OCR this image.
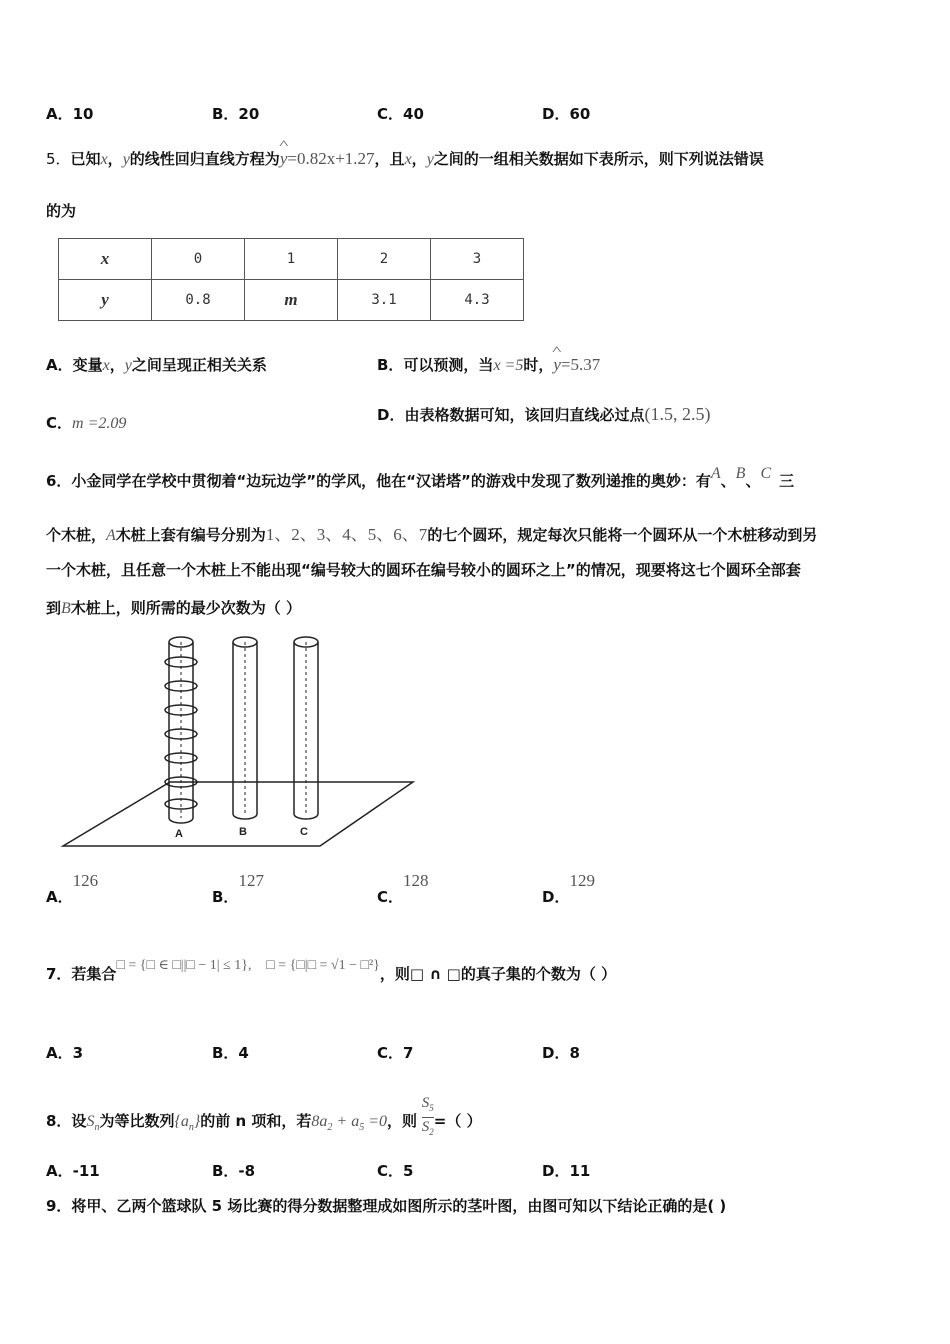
A．10	B．20	C．40	D．60
5．已知x，y的线性回归直线方程为^ y=0.82x+1.27，且x，y之间的一组相关数据如下表所示，则下列说法错误
的为
x	0	1	2	3
y	0.8	m	3.1	4.3
A．变量x，y之间呈现正相关关系	B．可以预测，当x =5时，^ y=5.37
C．m =2.09	D．由表格数据可知，该回归直线必过点(1.5, 2.5)
6．小金同学在学校中贯彻着“边玩边学”的学风，他在“汉诺塔”的游戏中发现了数列递推的奥妙：有A、B、C 三
个木桩，A木桩上套有编号分别为1、2、3、4、5、6、7的七个圆环，规定每次只能将一个圆环从一个木桩移动到另
一个木桩，且任意一个木桩上不能出现“编号较大的圆环在编号较小的圆环之上”的情况，现要将这七个圆环全部套
到B木桩上，则所需的最少次数为（ ）
A	B	C
A．126
B．127
C．128
D．129
7．若集合□ = {□ ∈ □||□ − 1| ≤ 1}, □ = {□|□ = √1 − □²}，则□ ∩ □的真子集的个数为（ ）
A．3	B．4	C．7	D．8
8．设$S_n$为等比数列$\{a_n\}$的前 n 项和，若$8a_2 + a_5 =0$，则 $\frac{S_5}{S_2}$ =（ ）
A．-11	B．-8	C．5	D．11
9．将甲、乙两个篮球队 5 场比赛的得分数据整理成如图所示的茎叶图，由图可知以下结论正确的是( )
